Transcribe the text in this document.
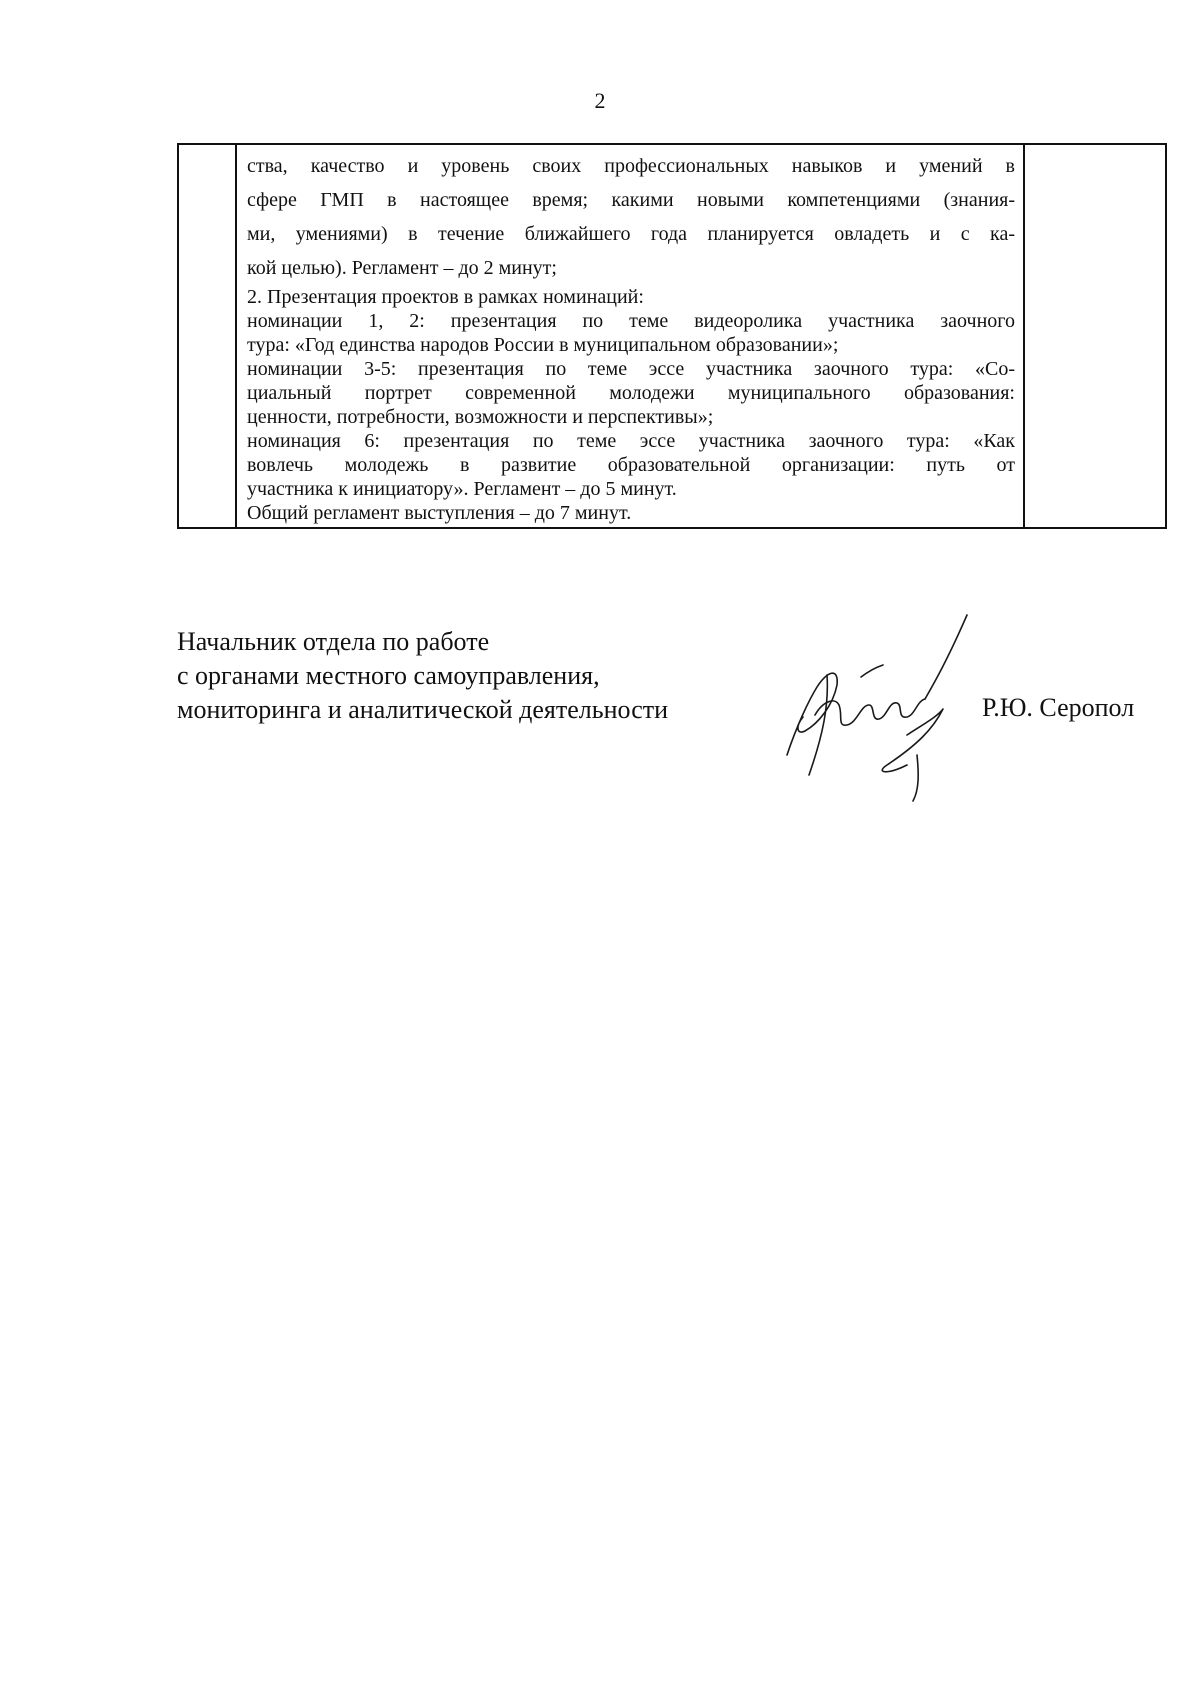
2

ства, качество и уровень своих профессиональных навыков и умений в
сфере ГМП в настоящее время; какими новыми компетенциями (знания-
ми, умениями) в течение ближайшего года планируется овладеть и с ка-
кой целью). Регламент – до 2 минут;
2. Презентация проектов в рамках номинаций:
номинации 1, 2: презентация по теме видеоролика участника заочного
тура: «Год единства народов России в муниципальном образовании»;
номинации 3-5: презентация по теме эссе участника заочного тура: «Со-
циальный портрет современной молодежи муниципального образования:
ценности, потребности, возможности и перспективы»;
номинация 6: презентация по теме эссе участника заочного тура: «Как
вовлечь молодежь в развитие образовательной организации: путь от
участника к инициатору». Регламент – до 5 минут.
Общий регламент выступления – до 7 минут.

Начальник отдела по работе
с органами местного самоуправления,
мониторинга и аналитической деятельности	Р.Ю. Серопол
